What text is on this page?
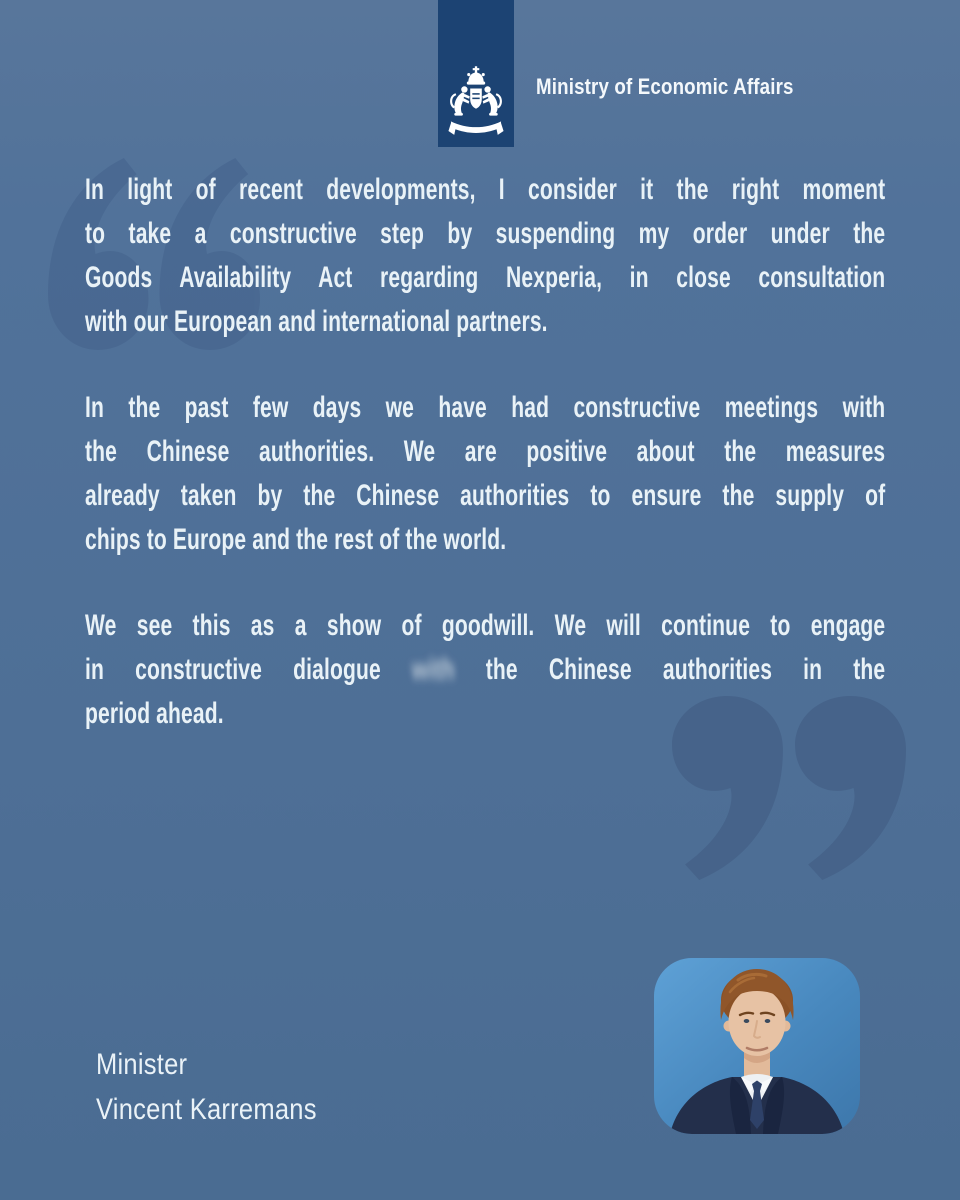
Ministry of Economic Affairs
In light of recent developments, I consider it the right moment
to take a constructive step by suspending my order under the
Goods Availability Act regarding Nexperia, in close consultation
with our European and international partners.
In the past few days we have had constructive meetings with
the Chinese authorities. We are positive about the measures
already taken by the Chinese authorities to ensure the supply of
chips to Europe and the rest of the world.
We see this as a show of goodwill. We will continue to engage
in constructive dialogue with the Chinese authorities in the
period ahead.
Minister
Vincent Karremans
